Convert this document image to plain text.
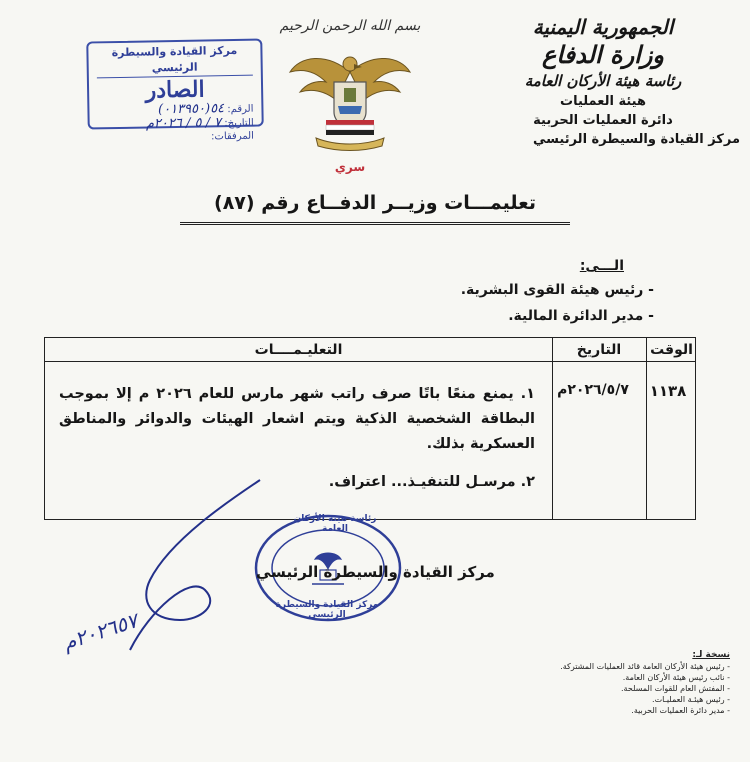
الجمهورية اليمنية
وزارة الدفاع
رئاسة هيئة الأركان العامة
هيئة العمليات
دائرة العمليات الحربية
مركز القيادة والسيطرة الرئيسي
بسم الله الرحمن الرحيم
سري
مركز القيادة والسيطرة الرئيسي
الصادر
الرقم: ٥٤(٠١٣٩٥٠)
التاريخ: ٧ / ٥ / ٢٠٢٦م
المرفقات:
تعليمـــات وزيــر الدفــاع رقم (٨٧)
الـــى:
- رئيس هيئة القوى البشرية.
- مدير الدائرة المالية.
الوقت
التاريخ
التعليـمــــات
١١٣٨
٢٠٢٦/٥/٧م

١. يمنع منعًا باتًا صرف راتب شهر مارس للعام ٢٠٢٦ م إلا بموجب البطاقة الشخصية الذكية ويتم اشعار الهيئات والدوائر والمناطق العسكرية بذلك.

٢. مرسـل للتنفيـذ... اعتراف.

مركز القيادة والسيطرة الرئيسي
رئاسة هيئة الأركان العامة
مركز القيادة والسيطرة الرئيسي
٢٠٢٦٥٧م
نسخة لـ:
- رئيس هيئة الأركان العامة قائد العمليات المشتركة.
- نائب رئيس هيئة الأركان العامة.
- المفتش العام للقوات المسلحة.
- رئيس هيئـة العمليـات.
- مدير دائرة العمليات الحربية.
